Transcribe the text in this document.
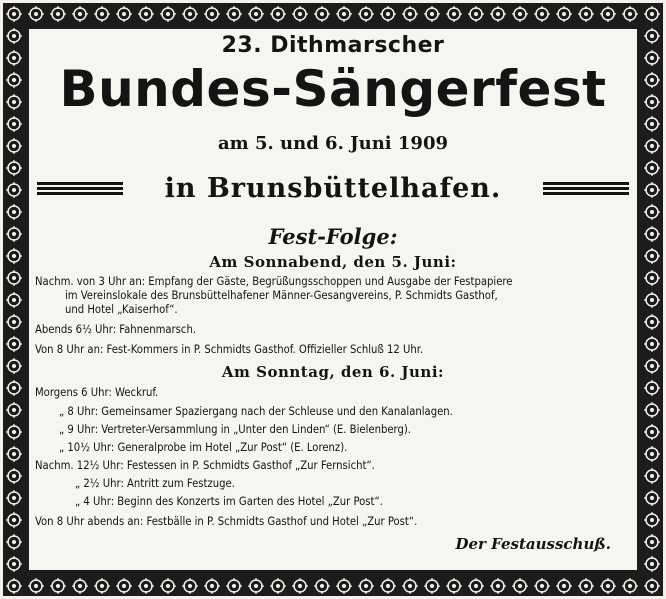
23. Dithmarscher
Bundes-Sängerfest
am 5. und 6. Juni 1909
in Brunsbüttelhafen.
Fest-Folge:
Am Sonnabend, den 5. Juni:
Nachm. von 3 Uhr an: Empfang der Gäste, Begrüßungsschoppen und Ausgabe der Festpapiere
im Vereinslokale des Brunsbüttelhafener Männer-Gesangvereins, P. Schmidts Gasthof,
und Hotel „Kaiserhof“.
Abends 6½ Uhr: Fahnenmarsch.
Von 8 Uhr an: Fest-Kommers in P. Schmidts Gasthof. Offizieller Schluß 12 Uhr.
Am Sonntag, den 6. Juni:
Morgens 6 Uhr: Weckruf.
„ 8 Uhr: Gemeinsamer Spaziergang nach der Schleuse und den Kanalanlagen.
„ 9 Uhr: Vertreter-Versammlung in „Unter den Linden“ (E. Bielenberg).
„ 10½ Uhr: Generalprobe im Hotel „Zur Post“ (E. Lorenz).
Nachm. 12½ Uhr: Festessen in P. Schmidts Gasthof „Zur Fernsicht“.
„ 2½ Uhr: Antritt zum Festzuge.
„ 4 Uhr: Beginn des Konzerts im Garten des Hotel „Zur Post“.
Von 8 Uhr abends an: Festbälle in P. Schmidts Gasthof und Hotel „Zur Post“.
Der Festausschuß.
